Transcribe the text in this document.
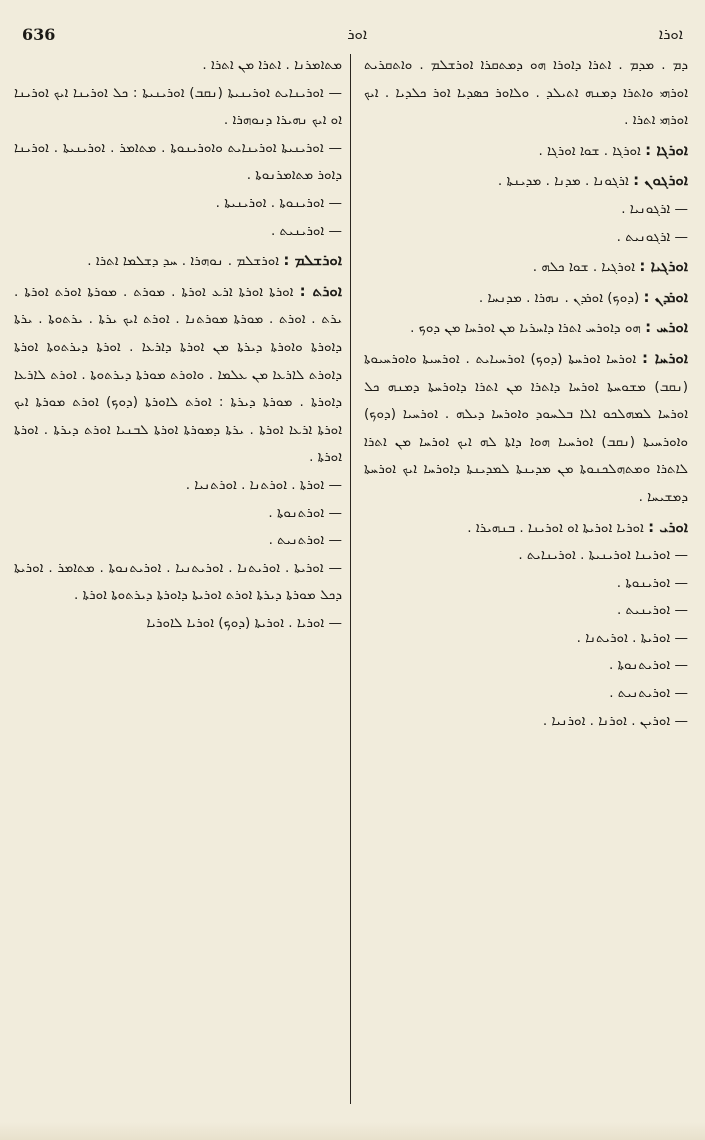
636	ܐܘܪ	ܐܘܪܐ

ܕܡ . ܡܕܡ . ܐܬܪܐ ܕܐܘܪܐ ܗܘ ܕܡܬܩܪܐ ܐܘܪܫܠܡ . ܘܐܬܩܪܝܬ ܐܘܪܗܝ ܘܐܬܪܐ ܕܡܢܗ ܐܬܝܠܕ . ܘܠܐܘܪ ܟܣܕܝܐ ܐܘܪ ܟܠܕܝܐ . ܐܝܟ ܐܘܪܗܝ ܐܬܪܐ .

ܐܘܪܓܐ : ܐܘܪܓܐ . ܫܘܐ ܐܘܪܓܐ .

ܐܘܪܓܘܢ : ܐܪܓܘܢܐ . ܡܕܢܐ . ܡܕܝܢܬܐ .

— ܐܪܓܘܢܝܐ .

— ܐܪܓܘܢܝܬ .

ܐܘܪܓܝܐ : ܐܘܪܓܝܐ . ܫܘܐ ܟܠܗ .

ܐܘܪܕܢ : (ܕܘܟ) ܐܘܪܕܢ . ܢܗܪܐ . ܡܕܢܚܐ .

ܐܘܪܚ : ܗܘ ܕܐܘܪܚ ܐܬܪܐ ܕܐܚܪܝܐ ܡܢ ܐܘܪܚܐ ܡܢ ܕܘܟ .

ܐܘܪܚܐ : ܐܘܪܚܐ ܐܘܪܚܬܐ (ܕܘܟ) ܐܘܪܚܝܐܝܬ . ܐܘܪܚܝܬܐ ܘܐܘܪܚܝܘܬܐ (ܢܩܒ) ܡܫܘܚܬܐ ܐܘܪܚܐ ܕܐܬܪܐ ܡܢ ܐܬܪܐ ܕܐܘܪܚܬܐ ܕܡܢܗ ܟܠ ܐܘܪܚܐ ܠܡܗܠܟܘ ܐܠܐ ܒܠܚܘܕ ܘܐܘܪܚܐ ܕܝܠܗ . ܐܘܪܚܝܐ (ܕܘܟ) ܘܐܘܪܚܝܬܐ (ܢܩܒ) ܐܘܪܚܝܐ ܗܘܐ ܕܐܬܐ ܠܗ ܐܝܟ ܐܘܪܚܐ ܡܢ ܐܬܪܐ ܠܐܬܪܐ ܘܡܬܗܠܟܢܘܬܐ ܡܢ ܡܕܝܢܬܐ ܠܡܕܝܢܬܐ ܕܐܘܪܚܐ ܐܝܟ ܐܘܪܚܬܐ ܕܡܫܝܚܐ .

ܐܘܪܝ : ܐܘܪܝܐ ܐܘܪܝܬܐ ܐܘ ܐܘܪܝܢܐ . ܒܢܗܝܪܐ .

— ܐܘܪܝܢܐ ܐܘܪܝܢܝܬܐ . ܐܘܪܝܢܐܝܬ .

— ܐܘܪܝܢܘܬܐ .

— ܐܘܪܝܢܝܬ .

— ܐܘܪܝܬܐ . ܐܘܪܝܬܢܐ .

— ܐܘܪܝܬܢܘܬܐ .

— ܐܘܪܝܬܢܝܬ .

— ܐܘܪܝܢ . ܐܘܪܢܐ . ܐܘܪܢܝܐ .

ܡܬܐܡܪܢܐ . ܐܬܪܐ ܡܢ ܐܬܪܐ .

— ܐܘܪܝܢܐܝܬ ܐܘܪܝܢܝܬܐ (ܢܩܒ) ܐܘܪܝܢܝܬܐ : ܟܠ ܐܘܪܝܢܐ ܐܝܟ ܐܘܪܝܢܐ ܐܘ ܐܝܟ ܢܗܝܪܐ ܕܢܘܗܪܐ .

— ܐܘܪܝܢܝܬܐ ܐܘܪܝܢܐܝܬ ܘܐܘܪܝܢܘܬܐ . ܡܬܐܡܪ . ܐܘܪܝܢܝܬܐ . ܐܘܪܝܢܐ ܕܐܘܪ ܡܬܐܡܪܢܘܬܐ .

— ܐܘܪܝܢܘܬܐ . ܐܘܪܝܢܝܬܐ .

— ܐܘܪܝܢܝܬ .

ܐܘܪܫܠܡ : ܐܘܪܫܠܡ . ܢܘܗܪܐ . ܚܕ ܕܫܠܡܐ ܐܬܪܐ .

ܐܘܪܬ : ܐܘܪܬܐ ܐܘܪܬܐ ܐܪܥ ܐܘܪܬܐ . ܡܘܪܬ . ܡܘܪܬܐ ܐܘܪܬ ܐܘܪܬܐ . ܝܪܬ . ܐܘܪܬ . ܡܘܪܬܐ ܡܘܪܬܢܐ . ܐܘܪܬ ܐܝܟ ܝܪܬܐ . ܝܪܬܘܬܐ . ܝܪܬܐ ܕܐܘܪܬܐ ܘܐܘܪܬܐ ܕܝܪܬܐ ܡܢ ܐܘܪܬܐ ܕܐܪܥܐ . ܐܘܪܬܐ ܕܝܪܬܘܬܐ ܐܘܪܬܐ ܕܐܘܪܬ ܠܐܪܥܐ ܡܢ ܥܠܡܐ . ܘܐܘܪܬ ܡܘܪܬܐ ܕܝܪܬܘܬܐ . ܐܘܪܬ ܠܐܪܥܐ ܕܐܘܪܬܐ . ܡܘܪܬܐ ܕܝܪܬܐ : ܐܘܪܬ ܠܐܘܪܬܐ (ܕܘܟ) ܐܘܪܬ ܡܘܪܬܐ ܐܝܟ ܐܘܪܬܐ ܐܪܥܐ ܐܘܪܬܐ . ܝܪܬܐ ܕܡܘܪܬܐ ܐܘܪܬܐ ܠܒܢܝܐ ܐܘܪܬ ܕܝܪܬܐ . ܐܘܪܬܐ ܐܘܪܬܐ .

— ܐܘܪܬܐ . ܐܘܪܬܢܐ . ܐܘܪܬܢܝܐ .

— ܐܘܪܬܢܘܬܐ .

— ܐܘܪܬܢܝܬ .

— ܐܘܪܝܬܐ . ܐܘܪܝܬܢܐ . ܐܘܪܝܬܢܝܐ . ܐܘܪܝܬܢܘܬܐ . ܡܬܐܡܪ . ܐܘܪܝܬܐ ܕܟܠ ܡܘܪܬܐ ܕܝܪܬܐ ܐܘܪܬ ܐܘܪܝܬܐ ܕܐܘܪܬܐ ܕܝܪܬܘܬܐ ܐܘܪܬܐ .

— ܐܘܪܝܐ . ܐܘܪܝܬܐ (ܕܘܟ) ܐܘܪܝܐ ܠܐܘܪܝܐ
